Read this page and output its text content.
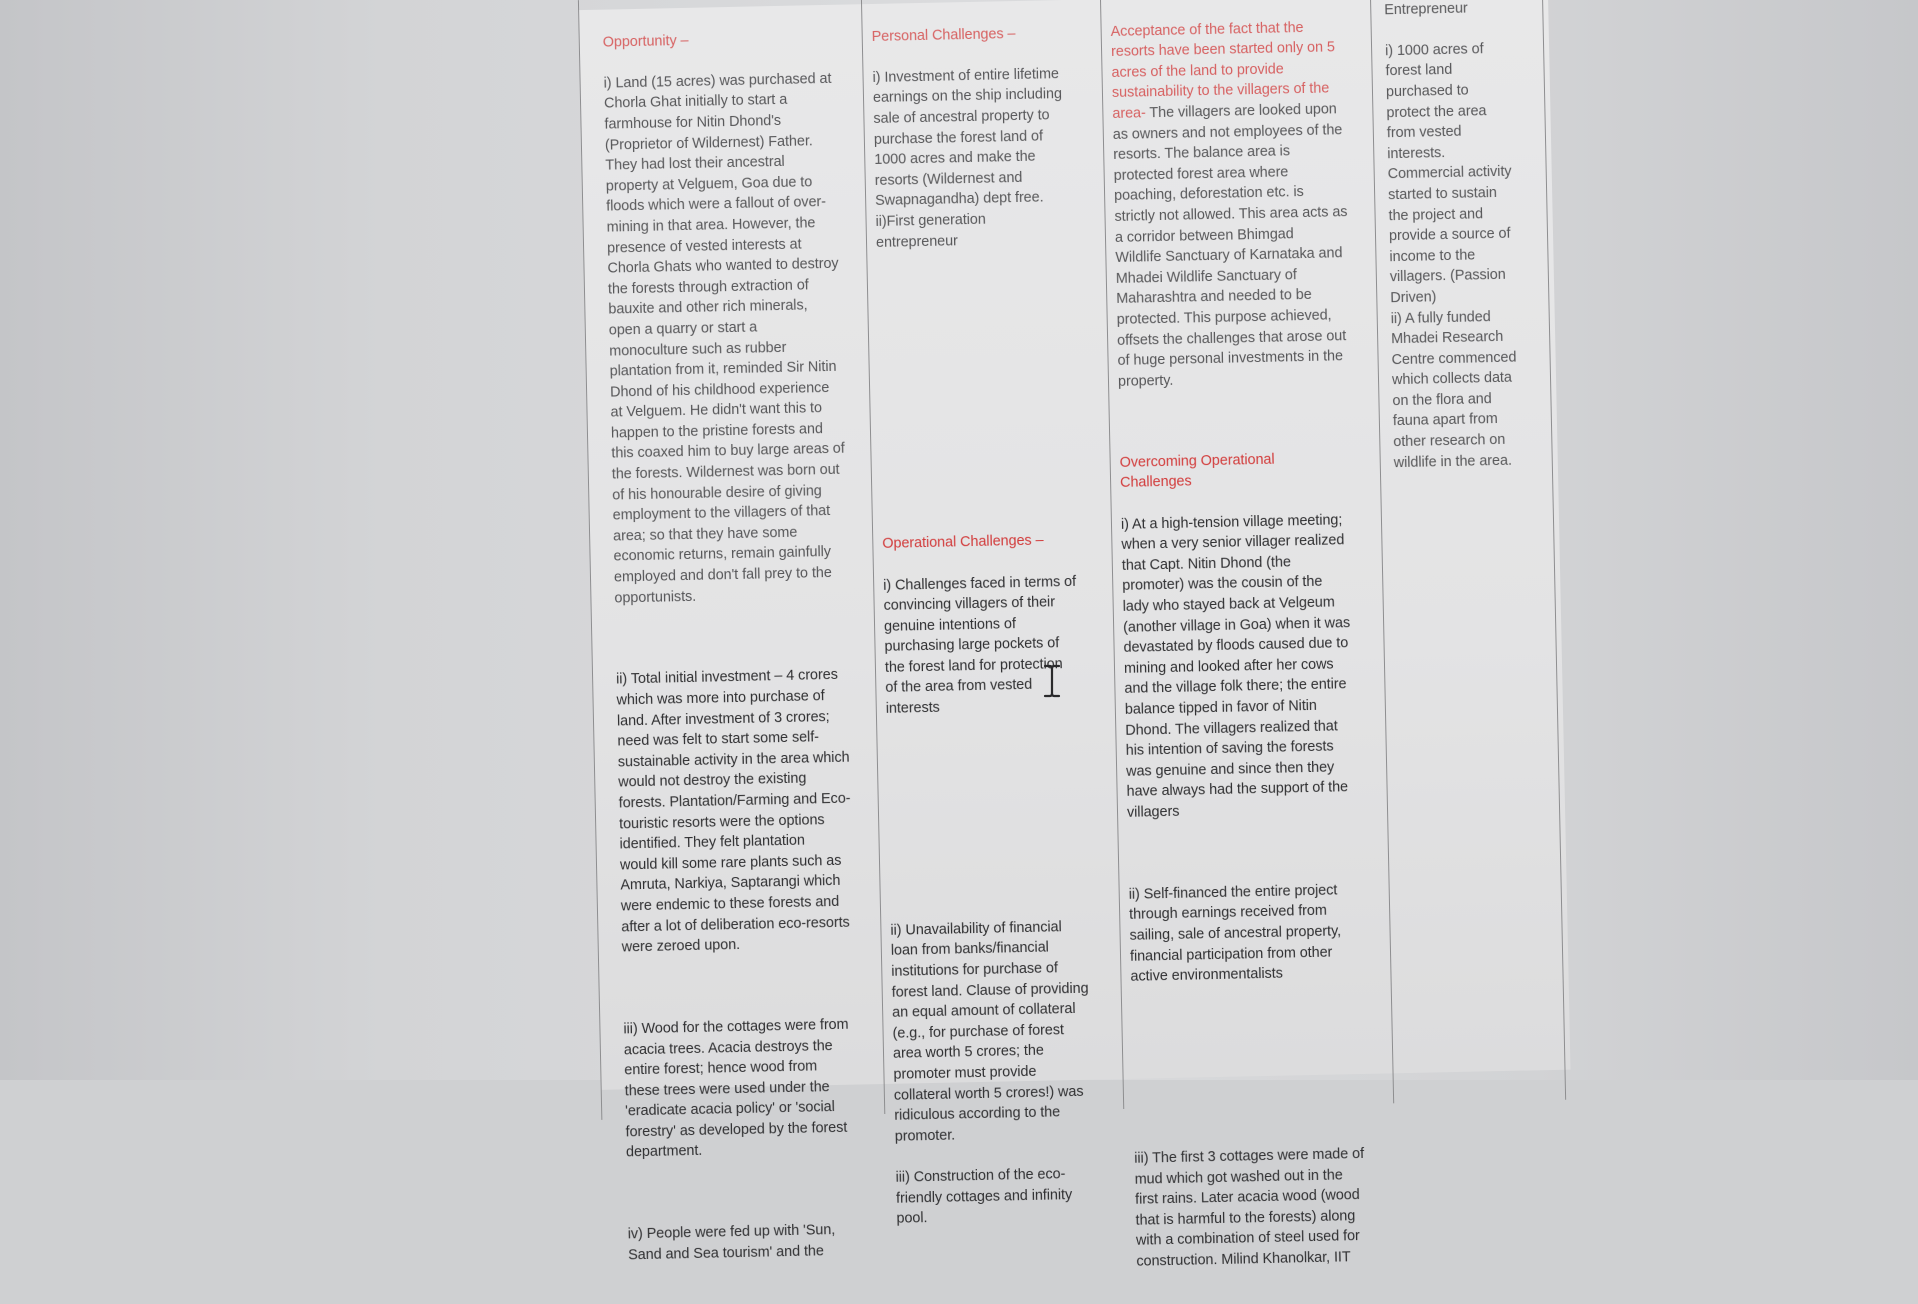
Opportunity –

i) Land (15 acres) was purchased at
Chorla Ghat initially to start a
farmhouse for Nitin Dhond's
(Proprietor of Wildernest) Father.
They had lost their ancestral
property at Velguem, Goa due to
floods which were a fallout of over-
mining in that area. However, the
presence of vested interests at
Chorla Ghats who wanted to destroy
the forests through extraction of
bauxite and other rich minerals,
open a quarry or start a
monoculture such as rubber
plantation from it, reminded Sir Nitin
Dhond of his childhood experience
at Velguem. He didn't want this to
happen to the pristine forests and
this coaxed him to buy large areas of
the forests. Wildernest was born out
of his honourable desire of giving
employment to the villagers of that
area; so that they have some
economic returns, remain gainfully
employed and don't fall prey to the
opportunists.

ii) Total initial investment – 4 crores
which was more into purchase of
land. After investment of 3 crores;
need was felt to start some self-
sustainable activity in the area which
would not destroy the existing
forests. Plantation/Farming and Eco-
touristic resorts were the options
identified. They felt plantation
would kill some rare plants such as
Amruta, Narkiya, Saptarangi which
were endemic to these forests and
after a lot of deliberation eco-resorts
were zeroed upon.

iii) Wood for the cottages were from
acacia trees. Acacia destroys the
entire forest; hence wood from
these trees were used under the
'eradicate acacia policy' or 'social
forestry' as developed by the forest
department.

iv) People were fed up with 'Sun,
Sand and Sea tourism' and the

Personal Challenges –

i) Investment of entire lifetime
earnings on the ship including
sale of ancestral property to
purchase the forest land of
1000 acres and make the
resorts (Wildernest and
Swapnagandha) dept free.
ii)First generation
entrepreneur

Operational Challenges –

i) Challenges faced in terms of
convincing villagers of their
genuine intentions of
purchasing large pockets of
the forest land for protection
of the area from vested
interests

ii) Unavailability of financial
loan from banks/financial
institutions for purchase of
forest land. Clause of providing
an equal amount of collateral
(e.g., for purchase of forest
area worth 5 crores; the
promoter must provide
collateral worth 5 crores!) was
ridiculous according to the
promoter.

iii) Construction of the eco-
friendly cottages and infinity
pool.

Acceptance of the fact that the
resorts have been started only on 5
acres of the land to provide
sustainability to the villagers of the
area- The villagers are looked upon
as owners and not employees of the
resorts. The balance area is
protected forest area where
poaching, deforestation etc. is
strictly not allowed. This area acts as
a corridor between Bhimgad
Wildlife Sanctuary of Karnataka and
Mhadei Wildlife Sanctuary of
Maharashtra and needed to be
protected. This purpose achieved,
offsets the challenges that arose out
of huge personal investments in the
property.

Overcoming Operational
Challenges

i) At a high-tension village meeting;
when a very senior villager realized
that Capt. Nitin Dhond (the
promoter) was the cousin of the
lady who stayed back at Velgeum
(another village in Goa) when it was
devastated by floods caused due to
mining and looked after her cows
and the village folk there; the entire
balance tipped in favor of Nitin
Dhond. The villagers realized that
his intention of saving the forests
was genuine and since then they
have always had the support of the
villagers

ii) Self-financed the entire project
through earnings received from
sailing, sale of ancestral property,
financial participation from other
active environmentalists

iii) The first 3 cottages were made of
mud which got washed out in the
first rains. Later acacia wood (wood
that is harmful to the forests) along
with a combination of steel used for
construction. Milind Khanolkar, IIT

Entrepreneur

i) 1000 acres of
forest land
purchased to
protect the area
from vested
interests.
Commercial activity
started to sustain
the project and
provide a source of
income to the
villagers. (Passion
Driven)
ii) A fully funded
Mhadei Research
Centre commenced
which collects data
on the flora and
fauna apart from
other research on
wildlife in the area.
